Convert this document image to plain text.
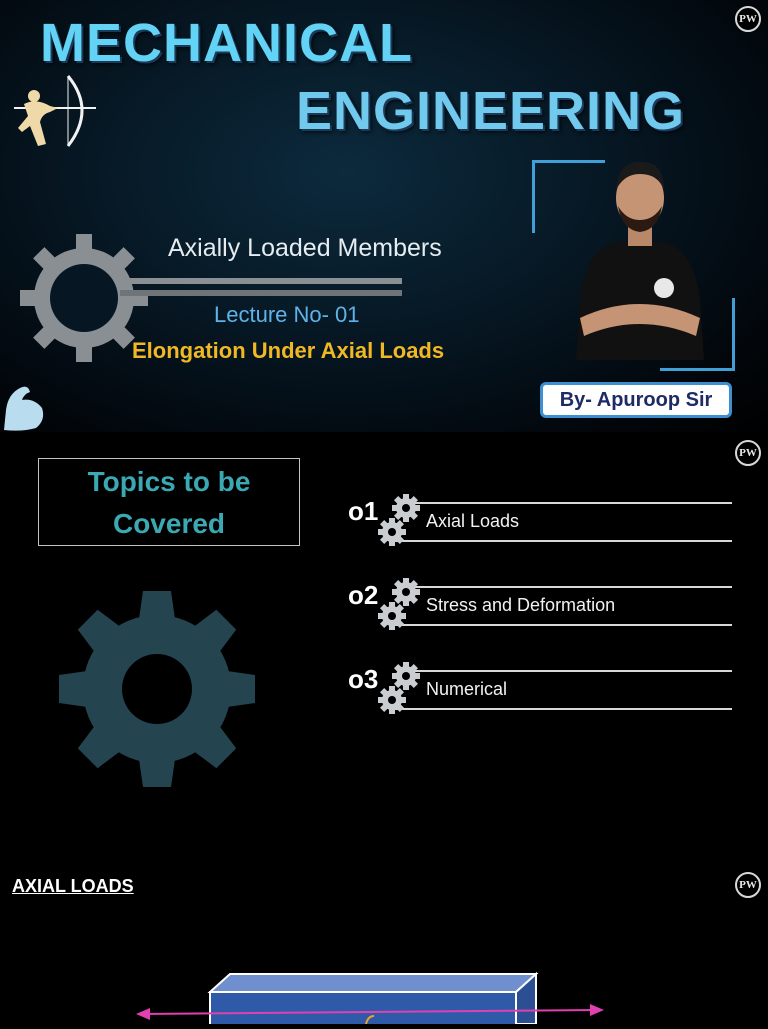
MECHANICAL
ENGINEERING
Axially Loaded Members
Lecture No- 01
Elongation Under Axial Loads
By- Apuroop Sir
PW
PW
Topics to be
Covered	o1	Axial Loads
o2	Stress and Deformation
o3	Numerical
AXIAL LOADS	PW
